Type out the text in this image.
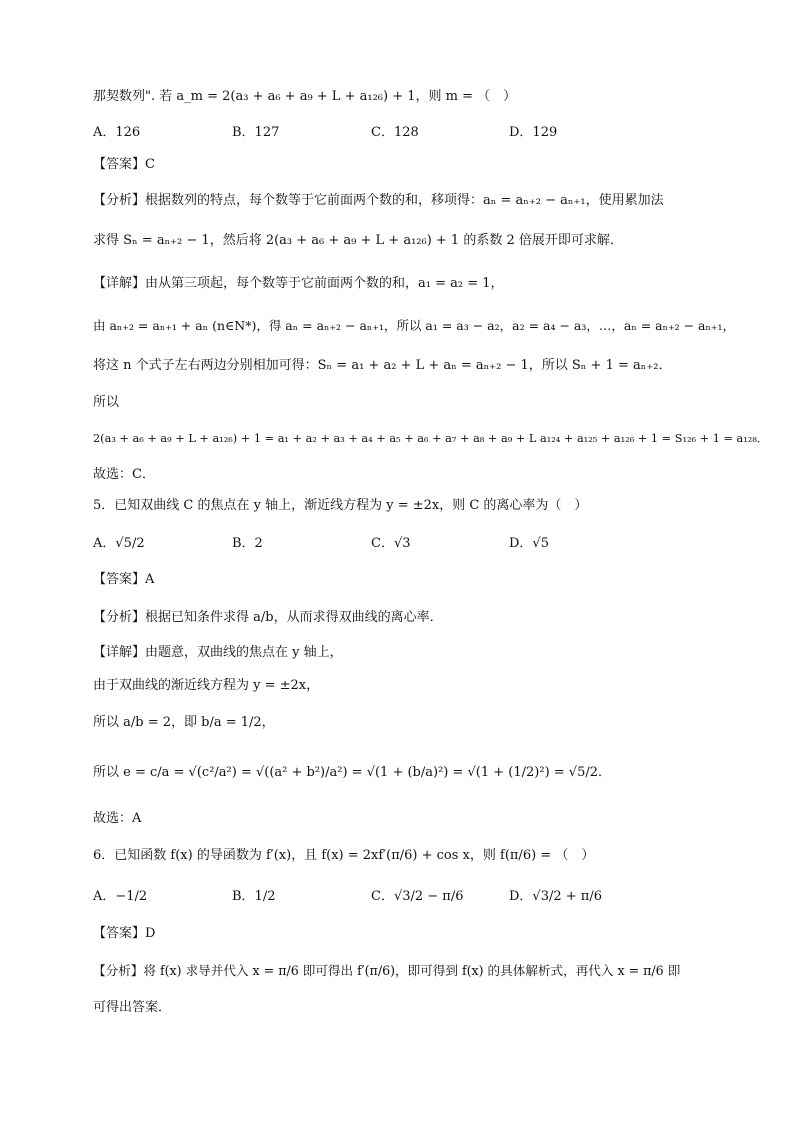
那契数列". 若 a_m = 2(a₃ + a₆ + a₉ + L + a₁₂₆) + 1，则 m = （　）
A．126	B．127	C．128	D．129
【答案】C
【分析】根据数列的特点，每个数等于它前面两个数的和，移项得：aₙ = aₙ₊₂ − aₙ₊₁，使用累加法
求得 Sₙ = aₙ₊₂ − 1，然后将 2(a₃ + a₆ + a₉ + L + a₁₂₆) + 1 的系数 2 倍展开即可求解．
【详解】由从第三项起，每个数等于它前面两个数的和，a₁ = a₂ = 1，
由 aₙ₊₂ = aₙ₊₁ + aₙ (n∈N*)，得 aₙ = aₙ₊₂ − aₙ₊₁，所以 a₁ = a₃ − a₂，a₂ = a₄ − a₃，…，aₙ = aₙ₊₂ − aₙ₊₁，
将这 n 个式子左右两边分别相加可得：Sₙ = a₁ + a₂ + L + aₙ = aₙ₊₂ − 1，所以 Sₙ + 1 = aₙ₊₂．
所以
2(a₃ + a₆ + a₉ + L + a₁₂₆) + 1 = a₁ + a₂ + a₃ + a₄ + a₅ + a₆ + a₇ + a₈ + a₉ + L a₁₂₄ + a₁₂₅ + a₁₂₆ + 1 = S₁₂₆ + 1 = a₁₂₈．
故选：C．
5．已知双曲线 C 的焦点在 y 轴上，渐近线方程为 y = ±2x，则 C 的离心率为（　）
A．√5/2	B．2	C．√3	D．√5
【答案】A
【分析】根据已知条件求得 a/b，从而求得双曲线的离心率．
【详解】由题意，双曲线的焦点在 y 轴上，
由于双曲线的渐近线方程为 y = ±2x，
所以 a/b = 2，即 b/a = 1/2，
所以 e = c/a = √(c²/a²) = √((a² + b²)/a²) = √(1 + (b/a)²) = √(1 + (1/2)²) = √5/2．
故选：A
6．已知函数 f(x) 的导函数为 f′(x)，且 f(x) = 2xf′(π/6) + cos x，则 f(π/6) = （　）
A．−1/2	B．1/2	C．√3/2 − π/6	D．√3/2 + π/6
【答案】D
【分析】将 f(x) 求导并代入 x = π/6 即可得出 f′(π/6)，即可得到 f(x) 的具体解析式，再代入 x = π/6 即
可得出答案．
